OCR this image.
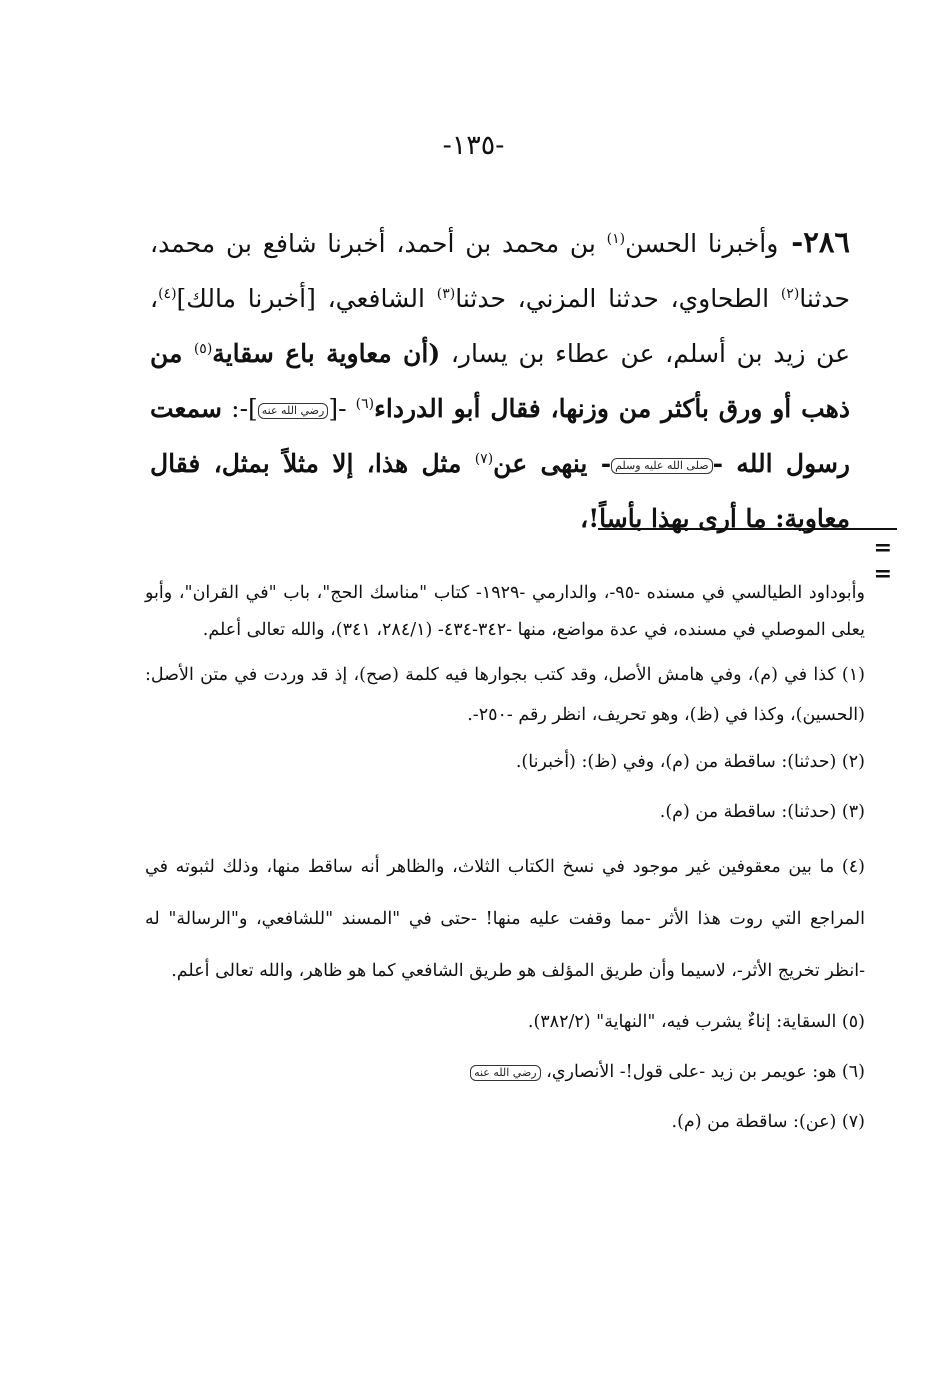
-١٣٥-
٢٨٦- وأخبرنا الحسن$^{(١)}$ بن محمد بن أحمد، أخبرنا شافع بن محمد، حدثنا$^{(٢)}$ الطحاوي، حدثنا المزني، حدثنا$^{(٣)}$ الشافعي، [أخبرنا مالك]$^{(٤)}$، عن زيد بن أسلم، عن عطاء بن يسار، (أن معاوية باع سقاية$^{(٥)}$ من ذهب أو ورق بأكثر من وزنها، فقال أبو الدرداء$^{(٦)}$ -[رضي الله عنه]-: سمعت رسول الله -صلى الله عليه وسلم- ينهى عن$^{(٧)}$ مثل هذا، إلا مثلاً بمثل، فقال معاوية: ما أرى بهذا بأساً!،
= =

وأبوداود الطيالسي في مسنده -٩٥-، والدارمي -١٩٢٩- كتاب "مناسك الحج"، باب "في القران"، وأبو يعلى الموصلي في مسنده، في عدة مواضع، منها -٣٤٢-٤٣٤- (٢٨٤/١، ٣٤١)، والله تعالى أعلم.

(١) كذا في (م)، وفي هامش الأصل، وقد كتب بجوارها فيه كلمة (صح)، إذ قد وردت في متن الأصل: (الحسين)، وكذا في (ظ)، وهو تحريف، انظر رقم -٢٥٠-.

(٢) (حدثنا): ساقطة من (م)، وفي (ظ): (أخبرنا).

(٣) (حدثنا): ساقطة من (م).

(٤) ما بين معقوفين غير موجود في نسخ الكتاب الثلاث، والظاهر أنه ساقط منها، وذلك لثبوته في المراجع التي روت هذا الأثر -مما وقفت عليه منها! -حتى في "المسند "للشافعي، و"الرسالة" له -انظر تخريج الأثر-، لاسيما وأن طريق المؤلف هو طريق الشافعي كما هو ظاهر، والله تعالى أعلم.

(٥) السقاية: إناءٌ يشرب فيه، "النهاية" (٣٨٢/٢).

(٦) هو: عويمر بن زيد -على قول!- الأنصاري، رضي الله عنه

(٧) (عن): ساقطة من (م).
